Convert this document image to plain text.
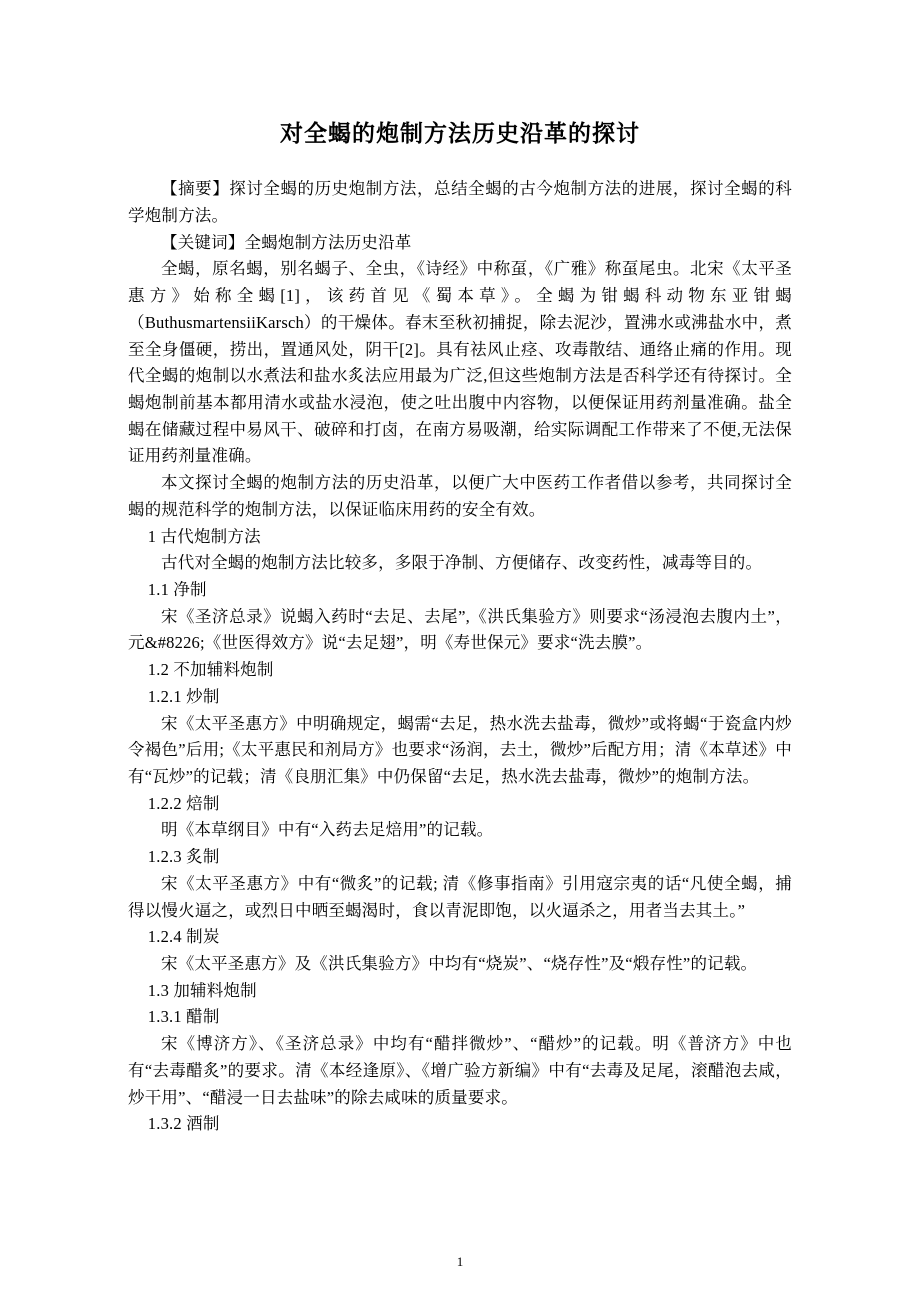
对全蝎的炮制方法历史沿革的探讨

【摘要】探讨全蝎的历史炮制方法，总结全蝎的古今炮制方法的进展，探讨全蝎的科学炮制方法。

【关键词】全蝎炮制方法历史沿革

全蝎，原名蝎，别名蝎子、全虫，《诗经》中称虿，《广雅》称虿尾虫。北宋《太平圣惠方》始称全蝎[1]，该药首见《蜀本草》。全蝎为钳蝎科动物东亚钳蝎（ButhusmartensiiKarsch）的干燥体。春末至秋初捕捉，除去泥沙，置沸水或沸盐水中，煮至全身僵硬，捞出，置通风处，阴干[2]。具有祛风止痉、攻毒散结、通络止痛的作用。现代全蝎的炮制以水煮法和盐水炙法应用最为广泛,但这些炮制方法是否科学还有待探讨。全蝎炮制前基本都用清水或盐水浸泡，使之吐出腹中内容物，以便保证用药剂量准确。盐全蝎在储藏过程中易风干、破碎和打卤，在南方易吸潮，给实际调配工作带来了不便,无法保证用药剂量准确。

本文探讨全蝎的炮制方法的历史沿革，以便广大中医药工作者借以参考，共同探讨全蝎的规范科学的炮制方法，以保证临床用药的安全有效。

1 古代炮制方法

古代对全蝎的炮制方法比较多，多限于净制、方便储存、改变药性，减毒等目的。

1.1 净制

宋《圣济总录》说蝎入药时“去足、去尾”,《洪氏集验方》则要求“汤浸泡去腹内土”，元&#8226;《世医得效方》说“去足翅”，明《寿世保元》要求“洗去膜”。

1.2 不加辅料炮制

1.2.1 炒制

宋《太平圣惠方》中明确规定，蝎需“去足，热水洗去盐毒，微炒”或将蝎“于瓷盒内炒令褐色”后用;《太平惠民和剂局方》也要求“汤润，去土，微炒”后配方用；清《本草述》中有“瓦炒”的记载；清《良朋汇集》中仍保留“去足，热水洗去盐毒，微炒”的炮制方法。

1.2.2 焙制

明《本草纲目》中有“入药去足焙用”的记载。

1.2.3 炙制

宋《太平圣惠方》中有“微炙”的记载; 清《修事指南》引用寇宗夷的话“凡使全蝎，捕得以慢火逼之，或烈日中晒至蝎渴时，食以青泥即饱，以火逼杀之，用者当去其土。”

1.2.4 制炭

宋《太平圣惠方》及《洪氏集验方》中均有“烧炭”、“烧存性”及“煅存性”的记载。

1.3 加辅料炮制

1.3.1 醋制

宋《博济方》、《圣济总录》中均有“醋拌微炒”、“醋炒”的记载。明《普济方》中也有“去毒醋炙”的要求。清《本经逢原》、《增广验方新编》中有“去毒及足尾，滚醋泡去咸，炒干用”、“醋浸一日去盐味”的除去咸味的质量要求。

1.3.2 酒制

1
